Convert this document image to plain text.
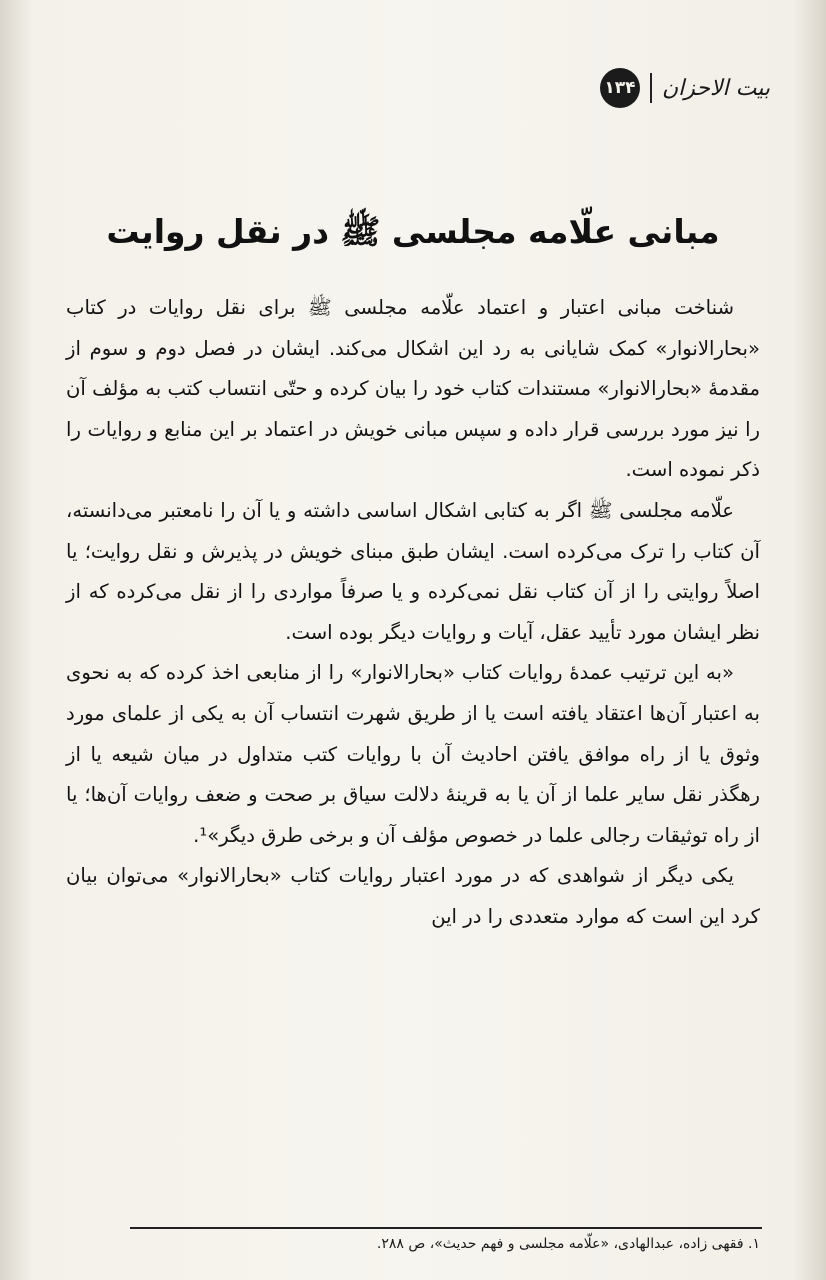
۱۳۴ بیت الاحزان
مبانی علّامه مجلسی ﷺ در نقل روایت

شناخت مبانی اعتبار و اعتماد علّامه مجلسی ﷺ برای نقل روایات در کتاب «بحارالانوار» کمک شایانی به رد این اشکال می‌کند. ایشان در فصل دوم و سوم از مقدمهٔ «بحارالانوار» مستندات کتاب خود را بیان کرده و حتّی انتساب کتب به مؤلف آن را نیز مورد بررسی قرار داده و سپس مبانی خویش در اعتماد بر این منابع و روایات را ذکر نموده است.

علّامه مجلسی ﷺ اگر به کتابی اشکال اساسی داشته و یا آن را نامعتبر می‌دانسته، آن کتاب را ترک می‌کرده است. ایشان طبق مبنای خویش در پذیرش و نقل روایت؛ یا اصلاً روایتی را از آن کتاب نقل نمی‌کرده و یا صرفاً مواردی را از نقل می‌کرده که از نظر ایشان مورد تأیید عقل، آیات و روایات دیگر بوده است.

«به این ترتیب عمدهٔ روایات کتاب «بحارالانوار» را از منابعی اخذ کرده که به نحوی به اعتبار آن‌ها اعتقاد یافته است یا از طریق شهرت انتساب آن به یکی از علمای مورد وثوق یا از راه موافق یافتن احادیث آن با روایات کتب متداول در میان شیعه یا از رهگذر نقل سایر علما از آن یا به قرینهٔ دلالت سیاق بر صحت و ضعف روایات آن‌ها؛ یا از راه توثیقات رجالی علما در خصوص مؤلف آن و برخی طرق دیگر»¹.

یکی دیگر از شواهدی که در مورد اعتبار روایات کتاب «بحارالانوار» می‌توان بیان کرد این است که موارد متعددی را در این

۱. فقهی زاده، عبدالهادی، «علّامه مجلسی و فهم حدیث»، ص ۲۸۸.
